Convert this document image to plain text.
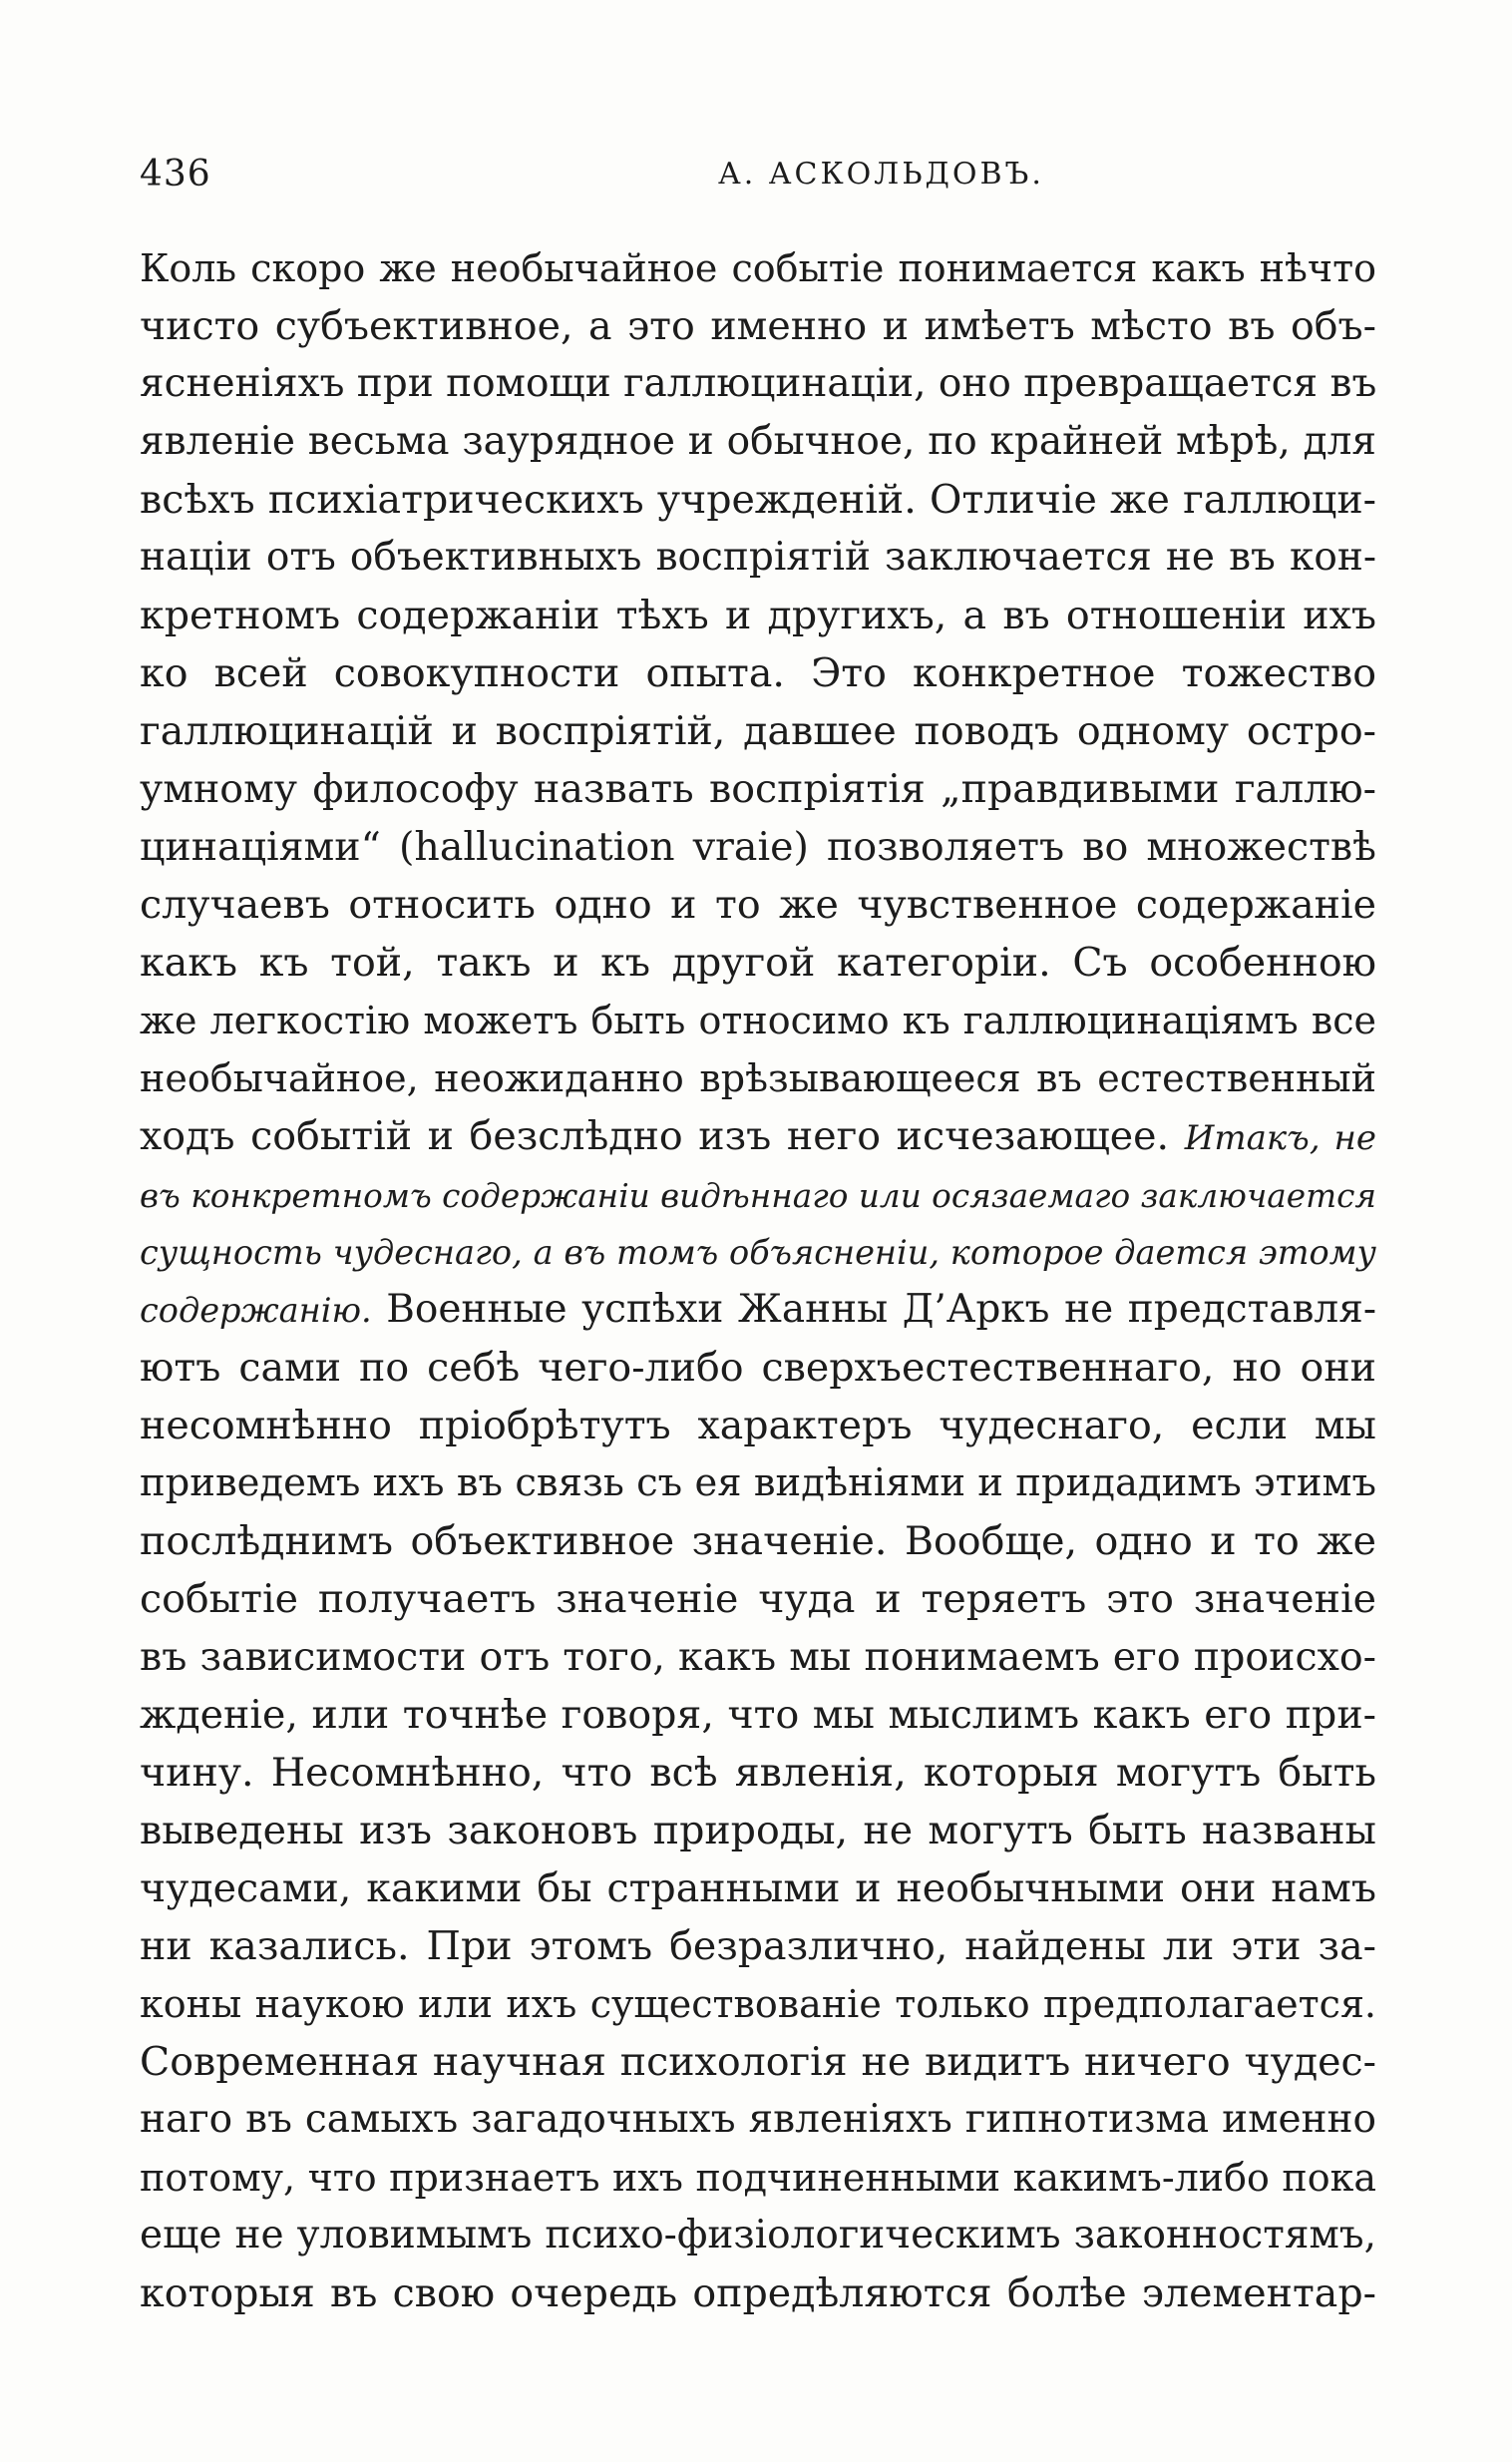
436	А. АСКОЛЬДОВЪ.
Коль скоро же необычайное событіе понимается какъ нѣчто
чисто субъективное, а это именно и имѣетъ мѣсто въ объ-
ясненіяхъ при помощи галлюцинаціи, оно превращается въ
явленіе весьма заурядное и обычное, по крайней мѣрѣ, для
всѣхъ психіатрическихъ учрежденій. Отличіе же галлюци-
націи отъ объективныхъ воспріятій заключается не въ кон-
кретномъ содержаніи тѣхъ и другихъ, а въ отношеніи ихъ
ко всей совокупности опыта. Это конкретное тожество
галлюцинацій и воспріятій, давшее поводъ одному остро-
умному философу назвать воспріятія „правдивыми галлю-
цинаціями“ (hallucination vraie) позволяетъ во множествѣ
случаевъ относить одно и то же чувственное содержаніе
какъ къ той, такъ и къ другой категоріи. Съ особенною
же легкостію можетъ быть относимо къ галлюцинаціямъ все
необычайное, неожиданно врѣзывающееся въ естественный
ходъ событій и безслѣдно изъ него исчезающее. Итакъ, не
въ конкретномъ содержаніи видѣннаго или осязаемаго заключается
сущность чудеснаго, а въ томъ объясненіи, которое дается этому
содержанію. Военные успѣхи Жанны Д’Аркъ не представля-
ютъ сами по себѣ чего-либо сверхъестественнаго, но они
несомнѣнно пріобрѣтутъ характеръ чудеснаго, если мы
приведемъ ихъ въ связь съ ея видѣніями и придадимъ этимъ
послѣднимъ объективное значеніе. Вообще, одно и то же
событіе получаетъ значеніе чуда и теряетъ это значеніе
въ зависимости отъ того, какъ мы понимаемъ его происхо-
жденіе, или точнѣе говоря, что мы мыслимъ какъ его при-
чину. Несомнѣнно, что всѣ явленія, которыя могутъ быть
выведены изъ законовъ природы, не могутъ быть названы
чудесами, какими бы странными и необычными они намъ
ни казались. При этомъ безразлично, найдены ли эти за-
коны наукою или ихъ существованіе только предполагается.
Современная научная психологія не видитъ ничего чудес-
наго въ самыхъ загадочныхъ явленіяхъ гипнотизма именно
потому, что признаетъ ихъ подчиненными какимъ-либо пока
еще не уловимымъ психо-физіологическимъ законностямъ,
которыя въ свою очередь опредѣляются болѣе элементар-
